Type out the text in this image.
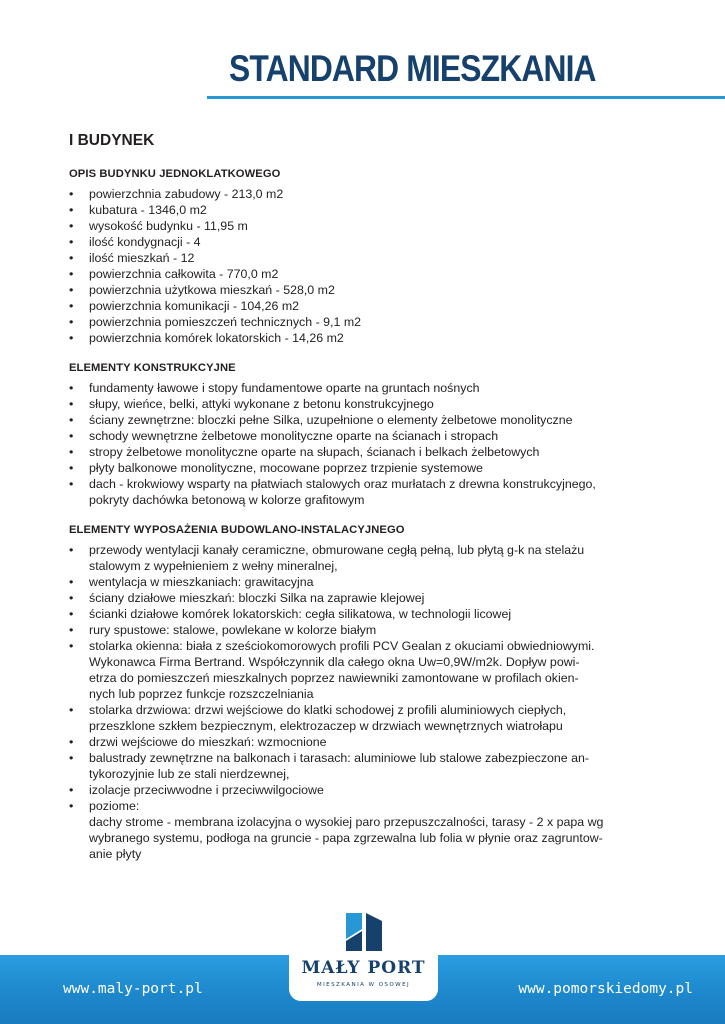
STANDARD MIESZKANIA
I BUDYNEK
OPIS BUDYNKU JEDNOKLATKOWEGO
• powierzchnia zabudowy - 213,0 m2
• kubatura - 1346,0 m2
• wysokość budynku - 11,95 m
• ilość kondygnacji - 4
• ilość mieszkań - 12
• powierzchnia całkowita - 770,0 m2
• powierzchnia użytkowa mieszkań - 528,0 m2
• powierzchnia komunikacji - 104,26 m2
• powierzchnia pomieszczeń technicznych - 9,1 m2
• powierzchnia komórek lokatorskich - 14,26 m2
ELEMENTY KONSTRUKCYJNE
• fundamenty ławowe i stopy fundamentowe oparte na gruntach nośnych
• słupy, wieńce, belki, attyki wykonane z betonu konstrukcyjnego
• ściany zewnętrzne: bloczki pełne Silka, uzupełnione o elementy żelbetowe monolityczne
• schody wewnętrzne żelbetowe monolityczne oparte na ścianach i stropach
• stropy żelbetowe monolityczne oparte na słupach, ścianach i belkach żelbetowych
• płyty balkonowe monolityczne, mocowane poprzez trzpienie systemowe
• dach - krokwiowy wsparty na płatwiach stalowych oraz murłatach z drewna konstrukcyjnego,
pokryty dachówka betonową w kolorze grafitowym
ELEMENTY WYPOSAŻENIA BUDOWLANO-INSTALACYJNEGO
• przewody wentylacji kanały ceramiczne, obmurowane cegłą pełną, lub płytą g-k na stelażu
stalowym z wypełnieniem z wełny mineralnej,
• wentylacja w mieszkaniach: grawitacyjna
• ściany działowe mieszkań: bloczki Silka na zaprawie klejowej
• ścianki działowe komórek lokatorskich: cegła silikatowa, w technologii licowej
• rury spustowe: stalowe, powlekane w kolorze białym
• stolarka okienna: biała z sześciokomorowych profili PCV Gealan z okuciami obwiedniowymi.
Wykonawca Firma Bertrand. Współczynnik dla całego okna Uw=0,9W/m2k. Dopływ powi-
etrza do pomieszczeń mieszkalnych poprzez nawiewniki zamontowane w profilach okien-
nych lub poprzez funkcje rozszczelniania
• stolarka drzwiowa: drzwi wejściowe do klatki schodowej z profili aluminiowych ciepłych,
przeszklone szkłem bezpiecznym, elektrozaczep w drzwiach wewnętrznych wiatrołapu
• drzwi wejściowe do mieszkań: wzmocnione
• balustrady zewnętrzne na balkonach i tarasach: aluminiowe lub stalowe zabezpieczone an-
tykorozyjnie lub ze stali nierdzewnej,
• izolacje przeciwwodne i przeciwwilgociowe
• poziome:
dachy strome - membrana izolacyjna o wysokiej paro przepuszczalności, tarasy - 2 x papa wg
wybranego systemu, podłoga na gruncie - papa zgrzewalna lub folia w płynie oraz zagruntow-
anie płyty
www.maly-port.pl	www.pomorskiedomy.pl
MAŁY PORT
MIESZKANIA W OSOWEJ
